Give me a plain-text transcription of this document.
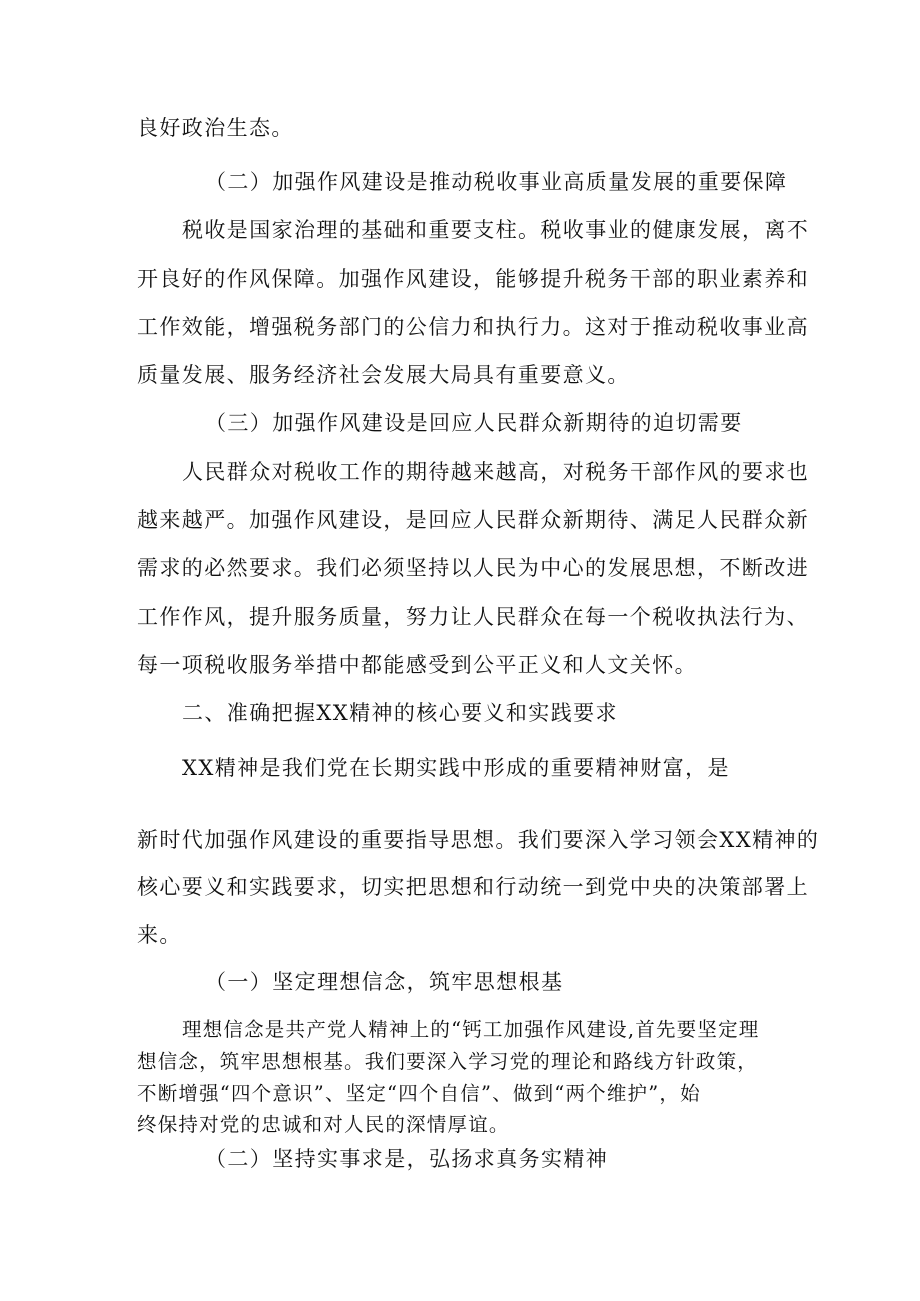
良好政治生态。
（二）加强作风建设是推动税收事业高质量发展的重要保障
税收是国家治理的基础和重要支柱。税收事业的健康发展，离不
开良好的作风保障。加强作风建设，能够提升税务干部的职业素养和
工作效能，增强税务部门的公信力和执行力。这对于推动税收事业高
质量发展、服务经济社会发展大局具有重要意义。
（三）加强作风建设是回应人民群众新期待的迫切需要
人民群众对税收工作的期待越来越高，对税务干部作风的要求也
越来越严。加强作风建设，是回应人民群众新期待、满足人民群众新
需求的必然要求。我们必须坚持以人民为中心的发展思想，不断改进
工作作风，提升服务质量，努力让人民群众在每一个税收执法行为、
每一项税收服务举措中都能感受到公平正义和人文关怀。
二、准确把握XX精神的核心要义和实践要求
XX精神是我们党在长期实践中形成的重要精神财富，是
新时代加强作风建设的重要指导思想。我们要深入学习领会XX精神的
核心要义和实践要求，切实把思想和行动统一到党中央的决策部署上
来。
（一）坚定理想信念，筑牢思想根基
理想信念是共产党人精神上的“钙工加强作风建设,首先要坚定理
想信念，筑牢思想根基。我们要深入学习党的理论和路线方针政策，
不断增强“四个意识”、坚定“四个自信”、做到“两个维护”，始
终保持对党的忠诚和对人民的深情厚谊。
（二）坚持实事求是，弘扬求真务实精神
